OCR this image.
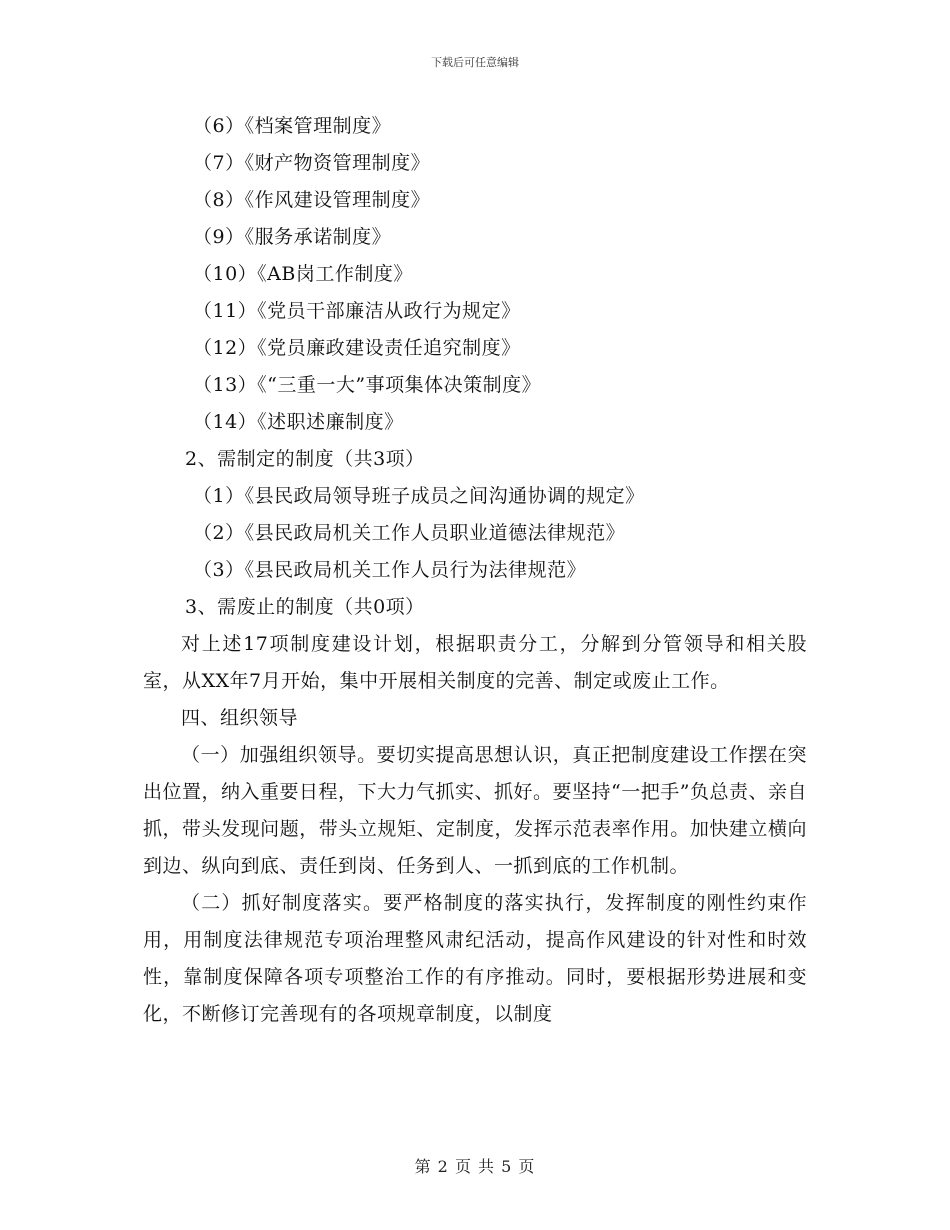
下载后可任意编辑
（6）《档案管理制度》
（7）《财产物资管理制度》
（8）《作风建设管理制度》
（9）《服务承诺制度》
（10）《AB岗工作制度》
（11）《党员干部廉洁从政行为规定》
（12）《党员廉政建设责任追究制度》
（13）《“三重一大”事项集体决策制度》
（14）《述职述廉制度》
2、需制定的制度（共3项）
（1）《县民政局领导班子成员之间沟通协调的规定》
（2）《县民政局机关工作人员职业道德法律规范》
（3）《县民政局机关工作人员行为法律规范》
3、需废止的制度（共0项）
对上述17项制度建设计划，根据职责分工，分解到分管领导和相关股室，从XX年7月开始，集中开展相关制度的完善、制定或废止工作。
四、组织领导
（一）加强组织领导。要切实提高思想认识，真正把制度建设工作摆在突出位置，纳入重要日程，下大力气抓实、抓好。要坚持“一把手”负总责、亲自抓，带头发现问题，带头立规矩、定制度，发挥示范表率作用。加快建立横向到边、纵向到底、责任到岗、任务到人、一抓到底的工作机制。
（二）抓好制度落实。要严格制度的落实执行，发挥制度的刚性约束作用，用制度法律规范专项治理整风肃纪活动，提高作风建设的针对性和时效性，靠制度保障各项专项整治工作的有序推动。同时，要根据形势进展和变化，不断修订完善现有的各项规章制度，以制度
第 2 页 共 5 页
